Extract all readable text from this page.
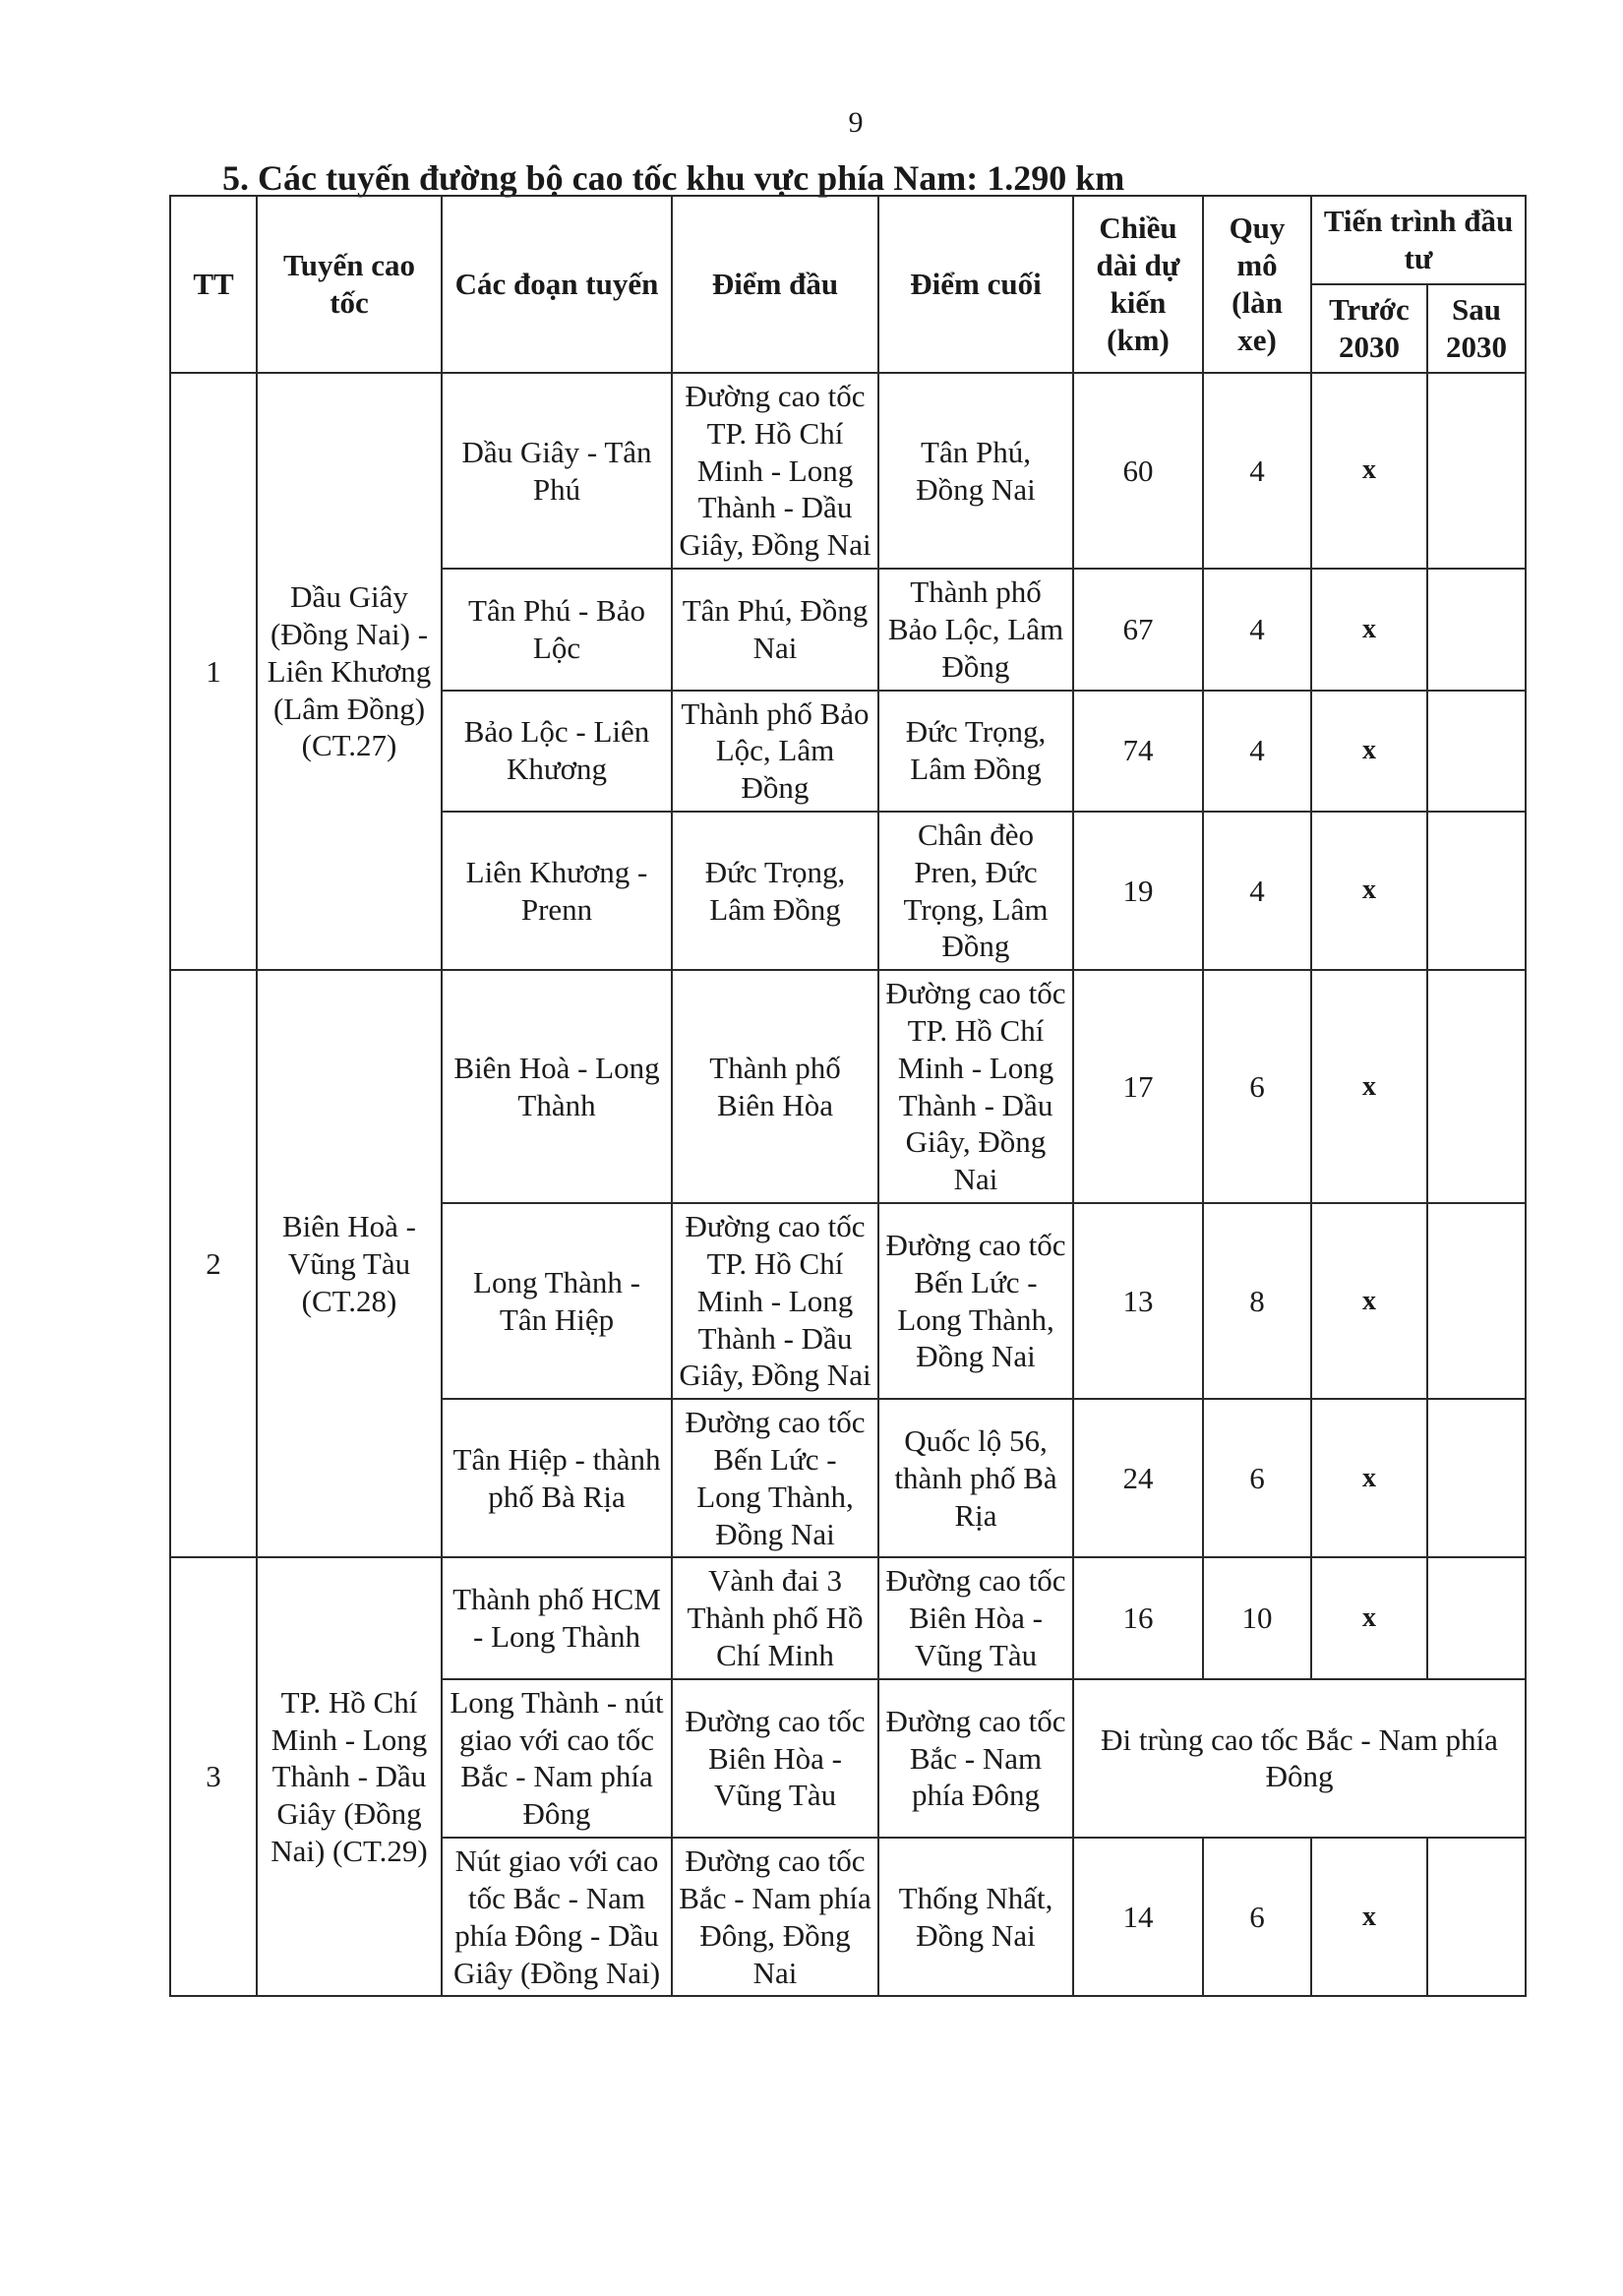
9
5. Các tuyến đường bộ cao tốc khu vực phía Nam: 1.290 km
TT	Tuyến cao tốc	Các đoạn tuyến	Điểm đầu	Điểm cuối	Chiều dài dự kiến (km)	Quy mô (làn xe)	Tiến trình đầu tư	
							Trước 2030	Sau 2030
1	Dầu Giây (Đồng Nai) - Liên Khương (Lâm Đồng) (CT.27)	Dầu Giây - Tân Phú	Đường cao tốc TP. Hồ Chí Minh - Long Thành - Dầu Giây, Đồng Nai	Tân Phú, Đồng Nai	60	4	x	
		Tân Phú - Bảo Lộc	Tân Phú, Đồng Nai	Thành phố Bảo Lộc, Lâm Đồng	67	4	x	
		Bảo Lộc - Liên Khương	Thành phố Bảo Lộc, Lâm Đồng	Đức Trọng, Lâm Đồng	74	4	x	
		Liên Khương - Prenn	Đức Trọng, Lâm Đồng	Chân đèo Pren, Đức Trọng, Lâm Đồng	19	4	x	
2	Biên Hoà - Vũng Tàu (CT.28)	Biên Hoà - Long Thành	Thành phố Biên Hòa	Đường cao tốc TP. Hồ Chí Minh - Long Thành - Dầu Giây, Đồng Nai	17	6	x	
		Long Thành - Tân Hiệp	Đường cao tốc TP. Hồ Chí Minh - Long Thành - Dầu Giây, Đồng Nai	Đường cao tốc Bến Lức - Long Thành, Đồng Nai	13	8	x	
		Tân Hiệp - thành phố Bà Rịa	Đường cao tốc Bến Lức - Long Thành, Đồng Nai	Quốc lộ 56, thành phố Bà Rịa	24	6	x	
3	TP. Hồ Chí Minh - Long Thành - Dầu Giây (Đồng Nai) (CT.29)	Thành phố HCM - Long Thành	Vành đai 3 Thành phố Hồ Chí Minh	Đường cao tốc Biên Hòa - Vũng Tàu	16	10	x	
		Long Thành - nút giao với cao tốc Bắc - Nam phía Đông	Đường cao tốc Biên Hòa - Vũng Tàu	Đường cao tốc Bắc - Nam phía Đông	Đi trùng cao tốc Bắc - Nam phía Đông			
		Nút giao với cao tốc Bắc - Nam phía Đông - Dầu Giây (Đồng Nai)	Đường cao tốc Bắc - Nam phía Đông, Đồng Nai	Thống Nhất, Đồng Nai	14	6	x	
